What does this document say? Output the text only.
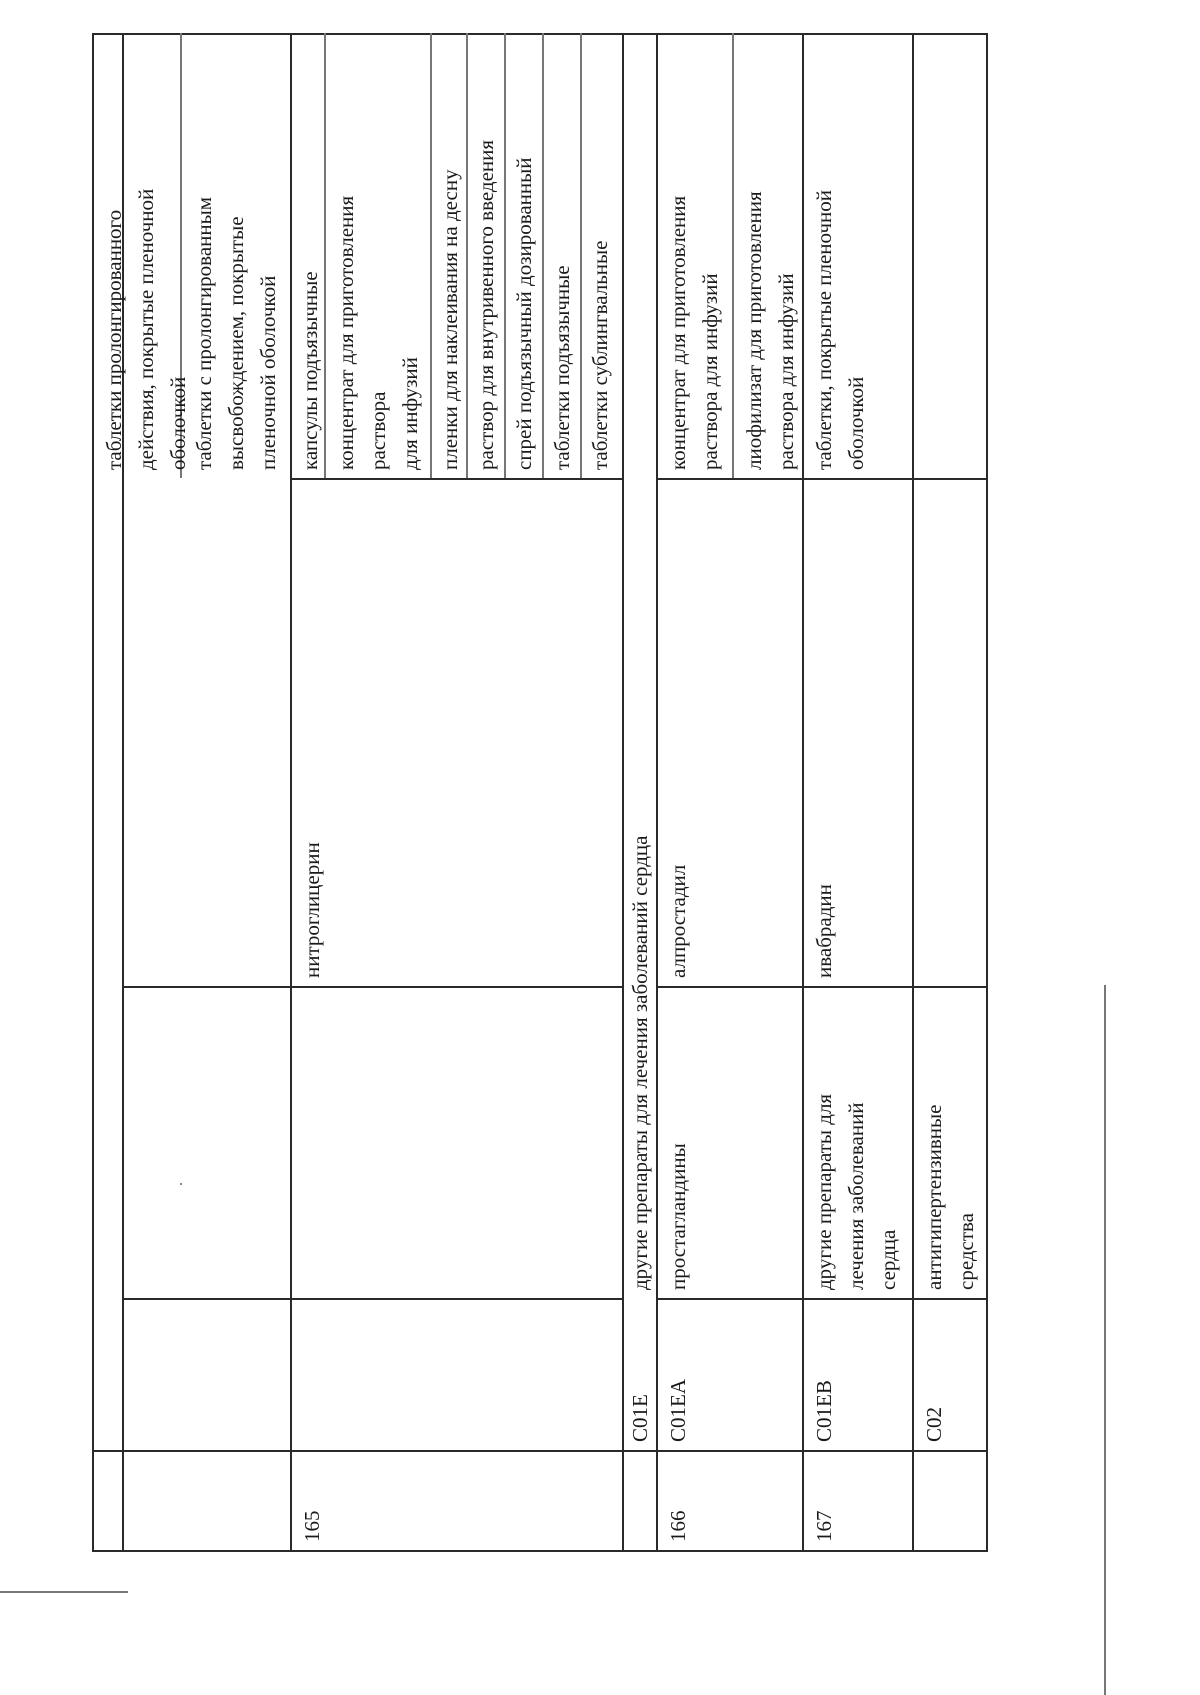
таблетки пролонгированного действия, покрытые пленочной оболочкой таблетки с пролонгированным высвобождением, покрытые пленочной оболочкой
165
нитроглицерин
капсулы подъязычные концентрат для приготовления раствора для инфузий пленки для наклеивания на десну раствор для внутривенного введения спрей подъязычный дозированный таблетки подъязычные таблетки сублингвальные
C01E
другие препараты для лечения заболеваний сердца
166
C01EA
простагландины
алпростадил
концентрат для приготовления раствора для инфузий лиофилизат для приготовления раствора для инфузий
167
C01EB
другие препараты для лечения заболеваний сердца
ивабрадин
таблетки, покрытые пленочной оболочкой
C02
антигипертензивные средства
